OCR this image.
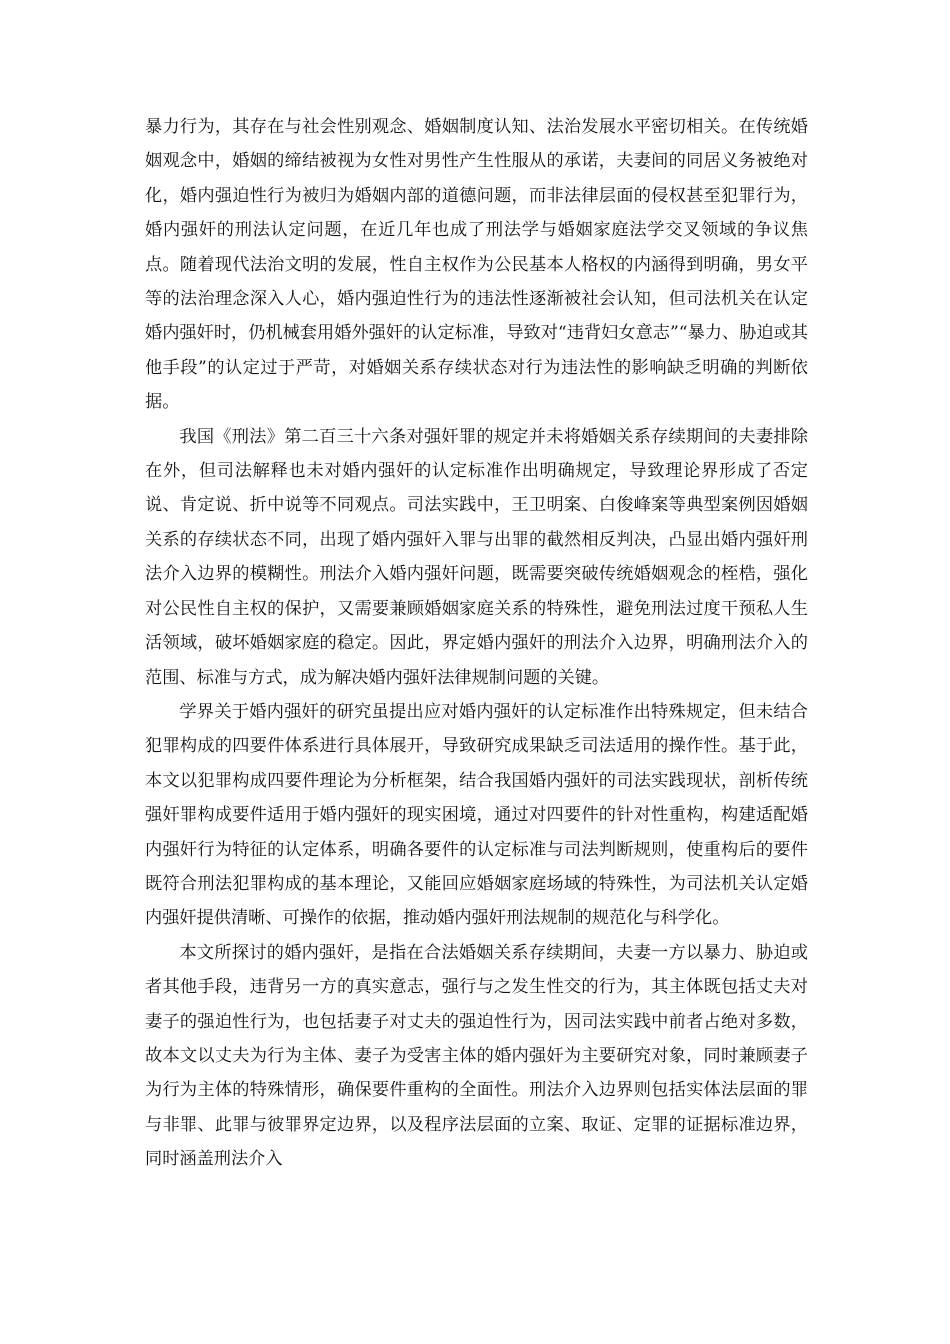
暴力行为，其存在与社会性别观念、婚姻制度认知、法治发展水平密切相关。在传统婚姻观念中，婚姻的缔结被视为女性对男性产生性服从的承诺，夫妻间的同居义务被绝对化，婚内强迫性行为被归为婚姻内部的道德问题，而非法律层面的侵权甚至犯罪行为，婚内强奸的刑法认定问题，在近几年也成了刑法学与婚姻家庭法学交叉领域的争议焦点。随着现代法治文明的发展，性自主权作为公民基本人格权的内涵得到明确，男女平等的法治理念深入人心，婚内强迫性行为的违法性逐渐被社会认知，但司法机关在认定婚内强奸时，仍机械套用婚外强奸的认定标准，导致对“违背妇女意志”“暴力、胁迫或其他手段”的认定过于严苛，对婚姻关系存续状态对行为违法性的影响缺乏明确的判断依据。

我国《刑法》第二百三十六条对强奸罪的规定并未将婚姻关系存续期间的夫妻排除在外，但司法解释也未对婚内强奸的认定标准作出明确规定，导致理论界形成了否定说、肯定说、折中说等不同观点。司法实践中，王卫明案、白俊峰案等典型案例因婚姻关系的存续状态不同，出现了婚内强奸入罪与出罪的截然相反判决，凸显出婚内强奸刑法介入边界的模糊性。刑法介入婚内强奸问题，既需要突破传统婚姻观念的桎梏，强化对公民性自主权的保护，又需要兼顾婚姻家庭关系的特殊性，避免刑法过度干预私人生活领域，破坏婚姻家庭的稳定。因此，界定婚内强奸的刑法介入边界，明确刑法介入的范围、标准与方式，成为解决婚内强奸法律规制问题的关键。

学界关于婚内强奸的研究虽提出应对婚内强奸的认定标准作出特殊规定，但未结合犯罪构成的四要件体系进行具体展开，导致研究成果缺乏司法适用的操作性。基于此，本文以犯罪构成四要件理论为分析框架，结合我国婚内强奸的司法实践现状，剖析传统强奸罪构成要件适用于婚内强奸的现实困境，通过对四要件的针对性重构，构建适配婚内强奸行为特征的认定体系，明确各要件的认定标准与司法判断规则，使重构后的要件既符合刑法犯罪构成的基本理论，又能回应婚姻家庭场域的特殊性，为司法机关认定婚内强奸提供清晰、可操作的依据，推动婚内强奸刑法规制的规范化与科学化。

本文所探讨的婚内强奸，是指在合法婚姻关系存续期间，夫妻一方以暴力、胁迫或者其他手段，违背另一方的真实意志，强行与之发生性交的行为，其主体既包括丈夫对妻子的强迫性行为，也包括妻子对丈夫的强迫性行为，因司法实践中前者占绝对多数，故本文以丈夫为行为主体、妻子为受害主体的婚内强奸为主要研究对象，同时兼顾妻子为行为主体的特殊情形，确保要件重构的全面性。刑法介入边界则包括实体法层面的罪与非罪、此罪与彼罪界定边界，以及程序法层面的立案、取证、定罪的证据标准边界，同时涵盖刑法介入
